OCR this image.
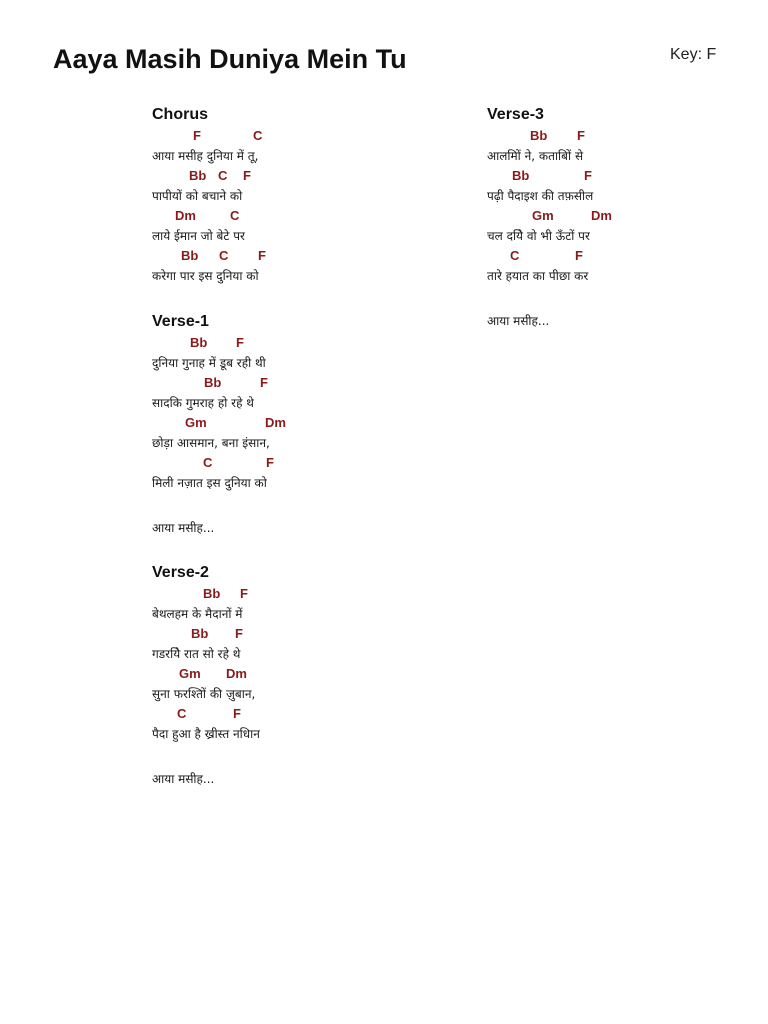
Aaya Masih Duniya Mein Tu	Key: F
Chorus
F	C
आया मसीह दुनिया में तू,
Bb C F
पापीयों को बचाने को
Dm	C
लाये ईमान जो बेटे पर
Bb C F
करेगा पार इस दुनिया को
Verse-1
Bb F
दुनिया गुनाह में डूब रही थी
Bb	F
सादकि गुमराह हो रहे थे
Gm	Dm
छोड़ा आसमान, बना इंसान,
C	F
मिली नज़ात इस दुनिया को
आया मसीह...
Verse-2
Bb F
बेथलहम के मैदानों में
Bb F
गडरयिे रात सो रहे थे
Gm Dm
सुना फरश्तिों की ज़ुबान,
C	F
पैदा हुआ है ख्रीस्त नधिान
आया मसीह...
Verse-3
Bb F
आलमिों ने, कताबिों से
Bb	F
पढ़ी पैदाइश की तफ़सील
Gm	Dm
चल दयिे वो भी ऊँटों पर
C	F
तारे हयात का पीछा कर
आया मसीह...
